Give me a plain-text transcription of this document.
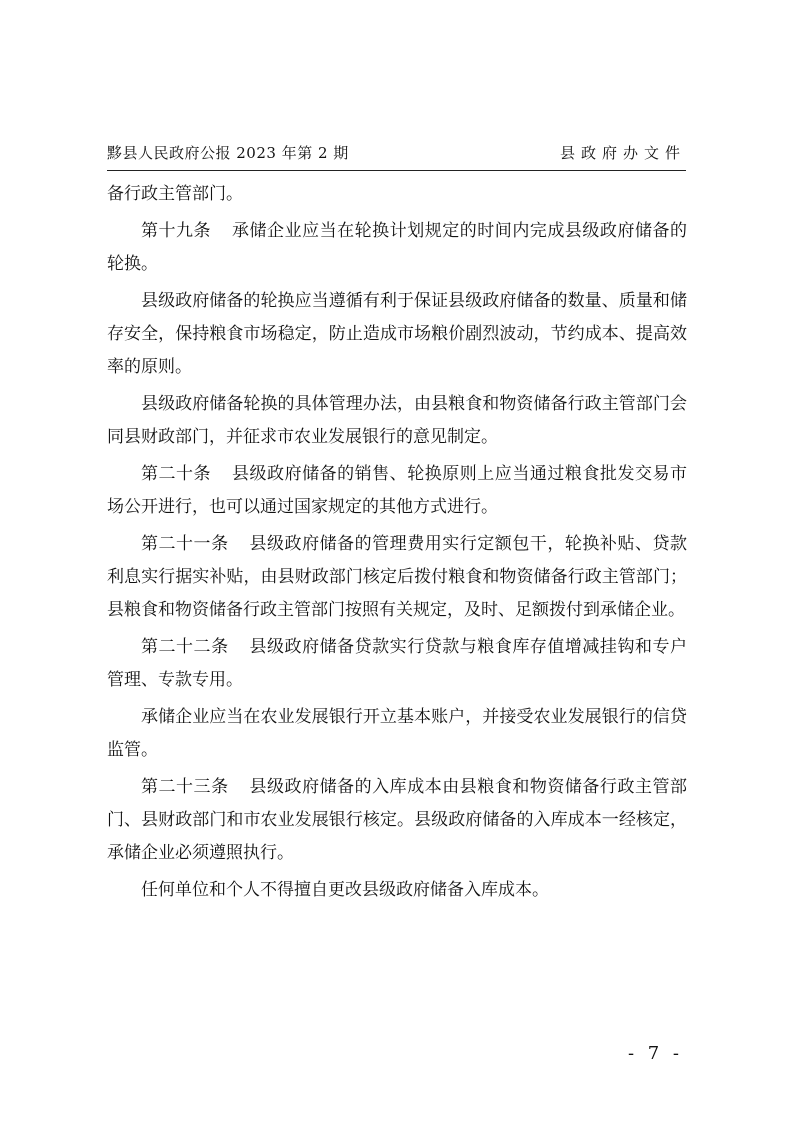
黟县人民政府公报 2023 年第 2 期	县政府办文件

备行政主管部门。

第十九条 承储企业应当在轮换计划规定的时间内完成县级政府储备的轮换。

县级政府储备的轮换应当遵循有利于保证县级政府储备的数量、质量和储存安全，保持粮食市场稳定，防止造成市场粮价剧烈波动，节约成本、提高效率的原则。

县级政府储备轮换的具体管理办法，由县粮食和物资储备行政主管部门会同县财政部门，并征求市农业发展银行的意见制定。

第二十条 县级政府储备的销售、轮换原则上应当通过粮食批发交易市场公开进行，也可以通过国家规定的其他方式进行。

第二十一条 县级政府储备的管理费用实行定额包干，轮换补贴、贷款利息实行据实补贴，由县财政部门核定后拨付粮食和物资储备行政主管部门；县粮食和物资储备行政主管部门按照有关规定，及时、足额拨付到承储企业。

第二十二条 县级政府储备贷款实行贷款与粮食库存值增减挂钩和专户管理、专款专用。

承储企业应当在农业发展银行开立基本账户，并接受农业发展银行的信贷监管。

第二十三条 县级政府储备的入库成本由县粮食和物资储备行政主管部门、县财政部门和市农业发展银行核定。县级政府储备的入库成本一经核定，承储企业必须遵照执行。

任何单位和个人不得擅自更改县级政府储备入库成本。

- 7 -
